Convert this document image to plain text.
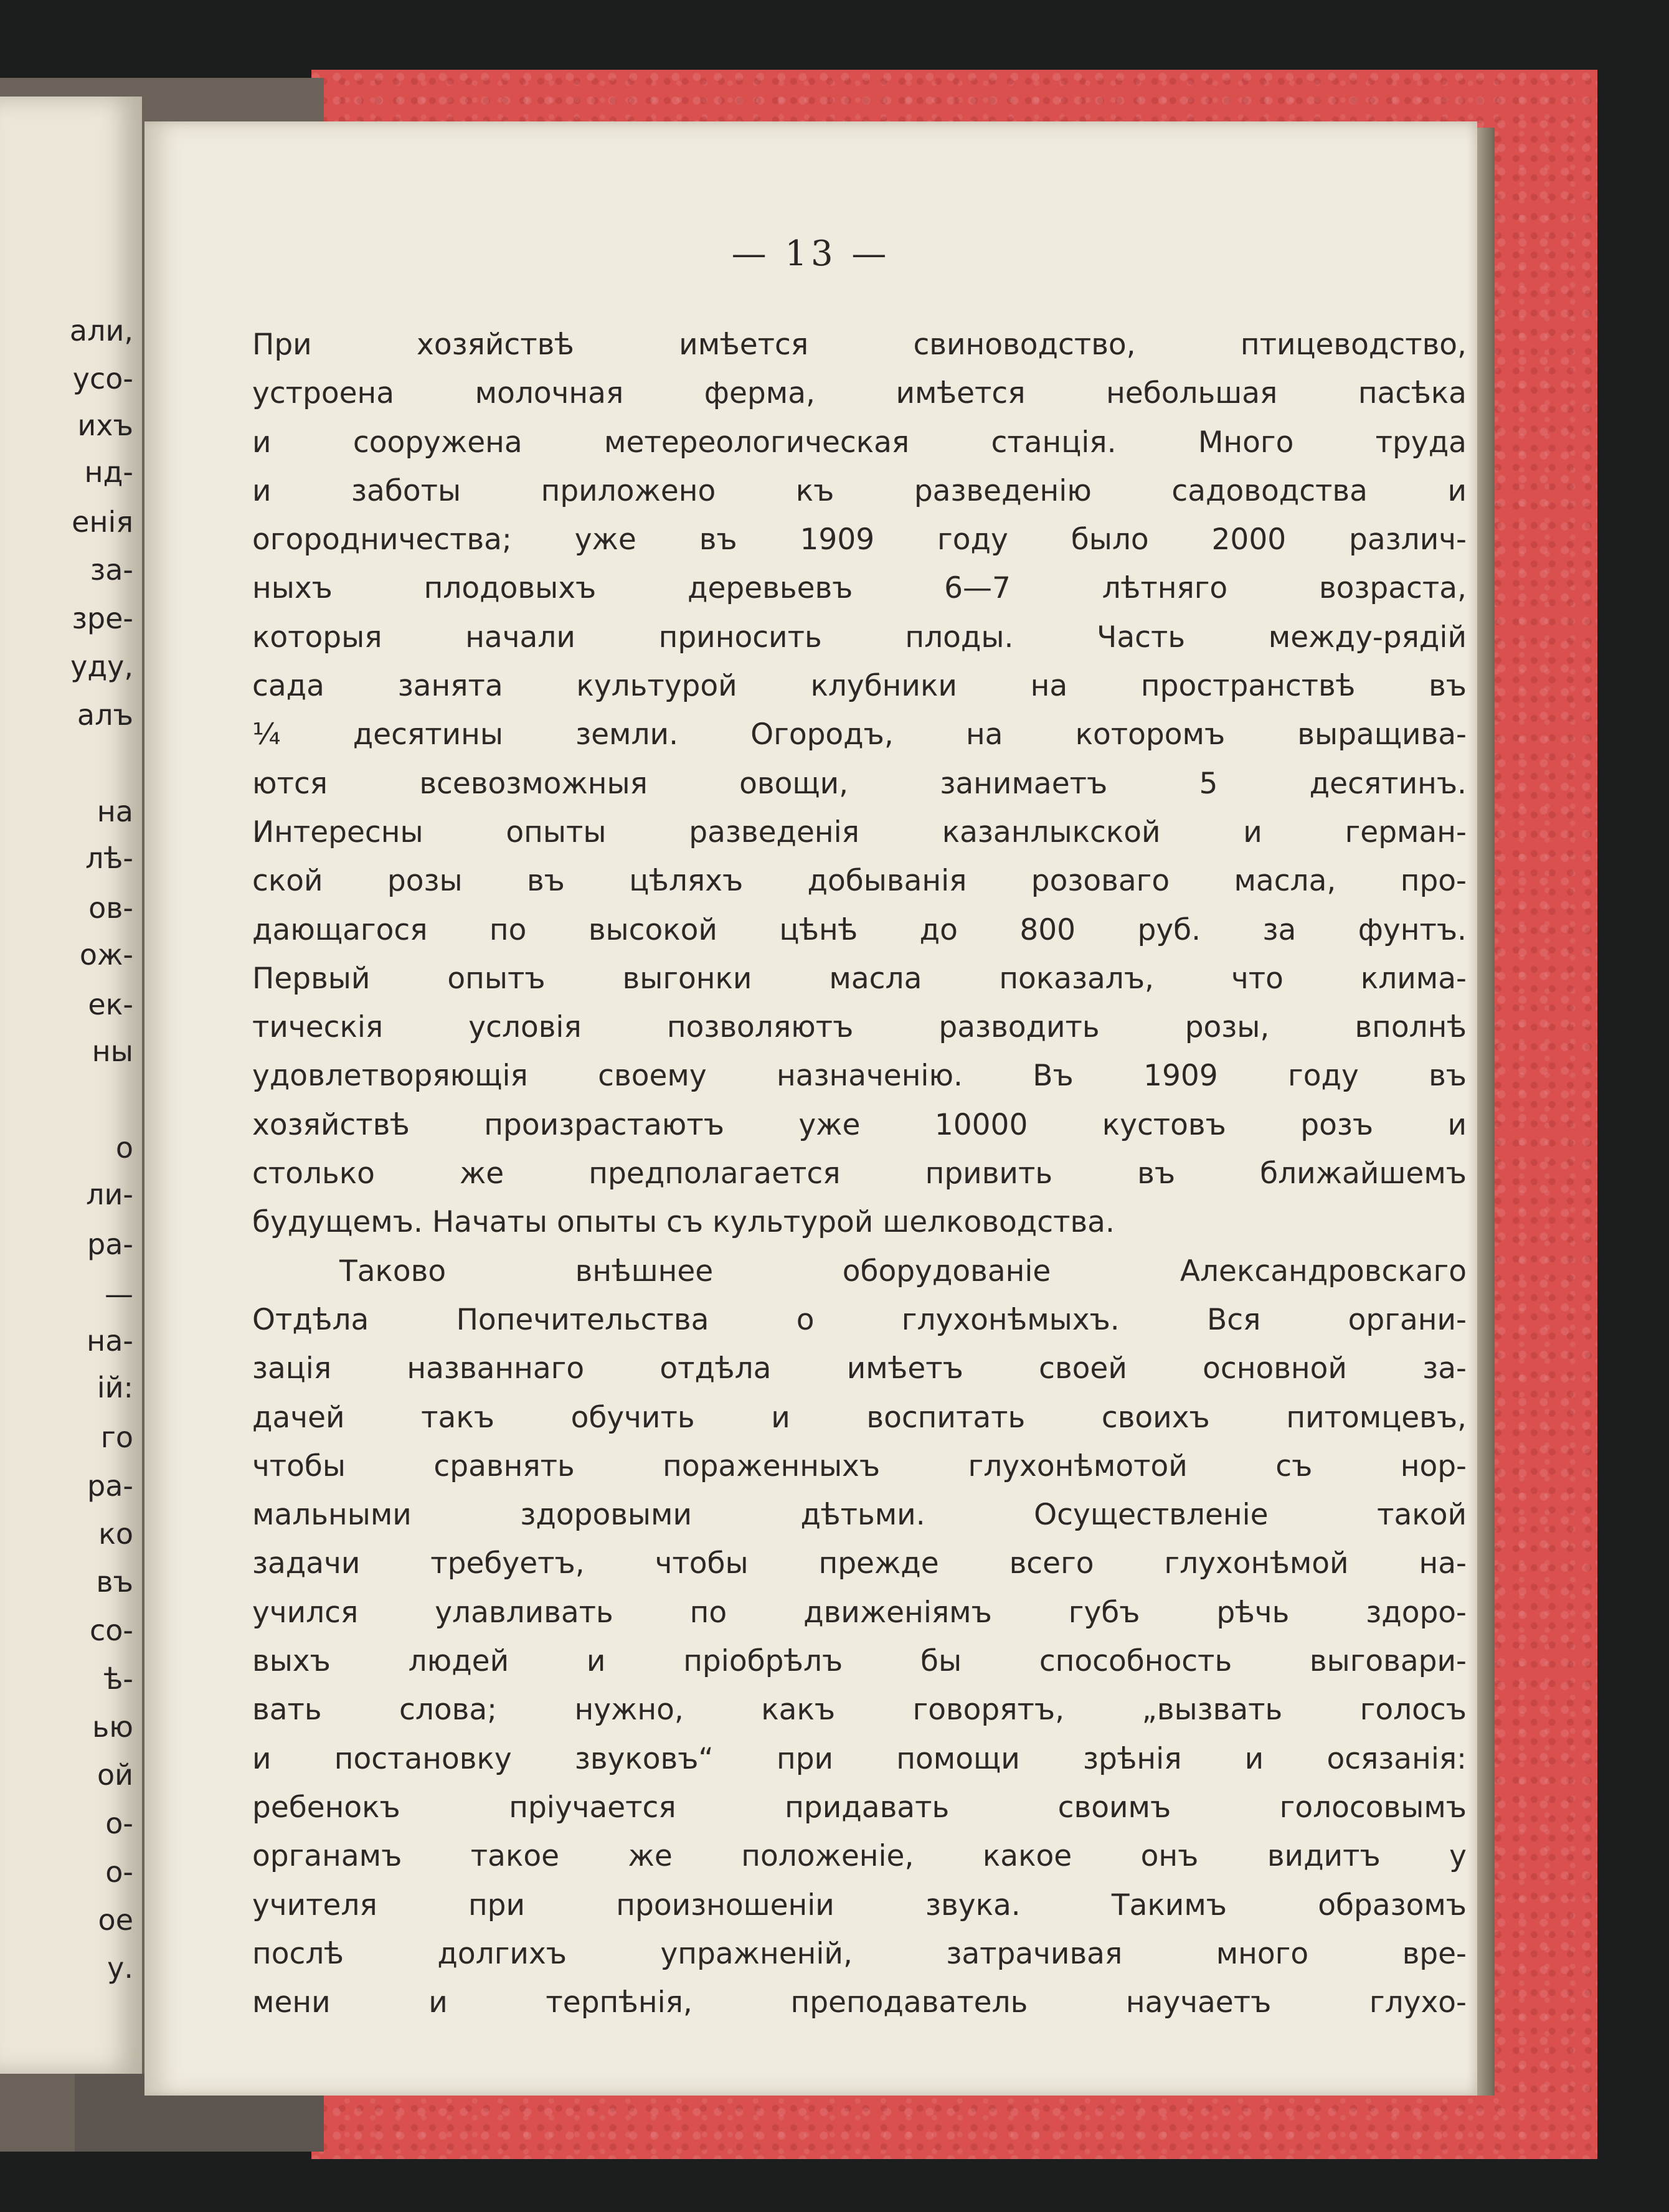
али,
усо-
ихъ
нд-
енія
за-
зре-
уду,
алъ
на
лѣ-
ов-
ож-
ек-
ны
о
ли-
ра-
—
на-
ій:
го
ра-
ко
въ
со-
ѣ-
ью
ой
о-
о-
ое
у.
— 13 —
При хозяйствѣ имѣется свиноводство, птицеводство,
устроена молочная ферма, имѣется небольшая пасѣка
и сооружена метереологическая станція. Много труда
и заботы приложено къ разведенію садоводства и
огородничества; уже въ 1909 году было 2000 различ-
ныхъ плодовыхъ деревьевъ 6—7 лѣтняго возраста,
которыя начали приносить плоды. Часть между-рядій
сада занята культурой клубники на пространствѣ въ
¼ десятины земли. Огородъ, на которомъ выращива-
ются всевозможныя овощи, занимаетъ 5 десятинъ.
Интересны опыты разведенія казанлыкской и герман-
ской розы въ цѣляхъ добыванія розоваго масла, про-
дающагося по высокой цѣнѣ до 800 руб. за фунтъ.
Первый опытъ выгонки масла показалъ, что клима-
тическія условія позволяютъ разводить розы, вполнѣ
удовлетворяющія своему назначенію. Въ 1909 году въ
хозяйствѣ произрастаютъ уже 10000 кустовъ розъ и
столько же предполагается привить въ ближайшемъ
будущемъ. Начаты опыты съ культурой шелководства.
Таково внѣшнее оборудованіе Александровскаго
Отдѣла Попечительства о глухонѣмыхъ. Вся органи-
зація названнаго отдѣла имѣетъ своей основной за-
дачей такъ обучить и воспитать своихъ питомцевъ,
чтобы сравнять пораженныхъ глухонѣмотой съ нор-
мальными здоровыми дѣтьми. Осуществленіе такой
задачи требуетъ, чтобы прежде всего глухонѣмой на-
учился улавливать по движеніямъ губъ рѣчь здоро-
выхъ людей и пріобрѣлъ бы способность выговари-
вать слова; нужно, какъ говорятъ, „вызвать голосъ
и постановку звуковъ“ при помощи зрѣнія и осязанія:
ребенокъ пріучается придавать своимъ голосовымъ
органамъ такое же положеніе, какое онъ видитъ у
учителя при произношеніи звука. Такимъ образомъ
послѣ долгихъ упражненій, затрачивая много вре-
мени и терпѣнія, преподаватель научаетъ глухо-
